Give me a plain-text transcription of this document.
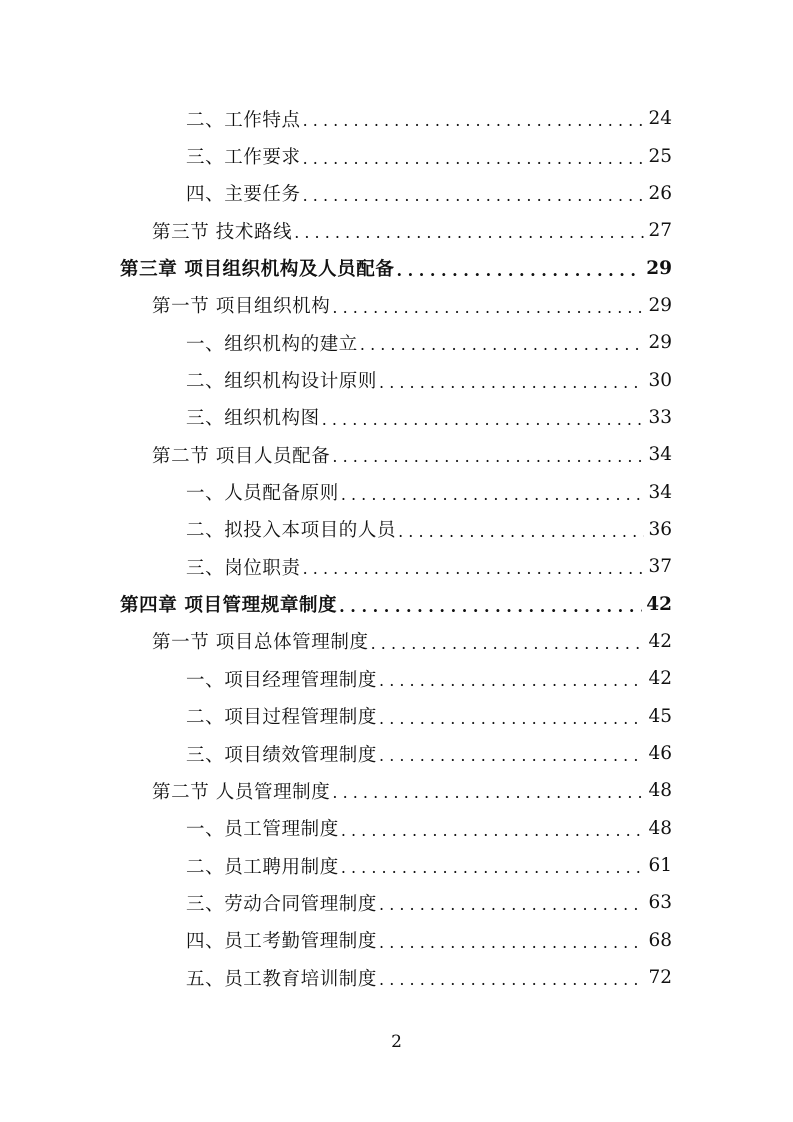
二、工作特点 . . .	24
三、工作要求 . . .	25
四、主要任务 . . .	26
第三节 技术路线 . . .	27
第三章 项目组织机构及人员配备 . . .	29
第一节 项目组织机构 . . .	29
一、组织机构的建立 . . .	29
二、组织机构设计原则 . . .	30
三、组织机构图 . . .	33
第二节 项目人员配备 . . .	34
一、人员配备原则 . . .	34
二、拟投入本项目的人员 . . .	36
三、岗位职责 . . .	37
第四章 项目管理规章制度 . . .	42
第一节 项目总体管理制度 . . .	42
一、项目经理管理制度 . . .	42
二、项目过程管理制度 . . .	45
三、项目绩效管理制度 . . .	46
第二节 人员管理制度 . . .	48
一、员工管理制度 . . .	48
二、员工聘用制度 . . .	61
三、劳动合同管理制度 . . .	63
四、员工考勤管理制度 . . .	68
五、员工教育培训制度 . . .	72
2
